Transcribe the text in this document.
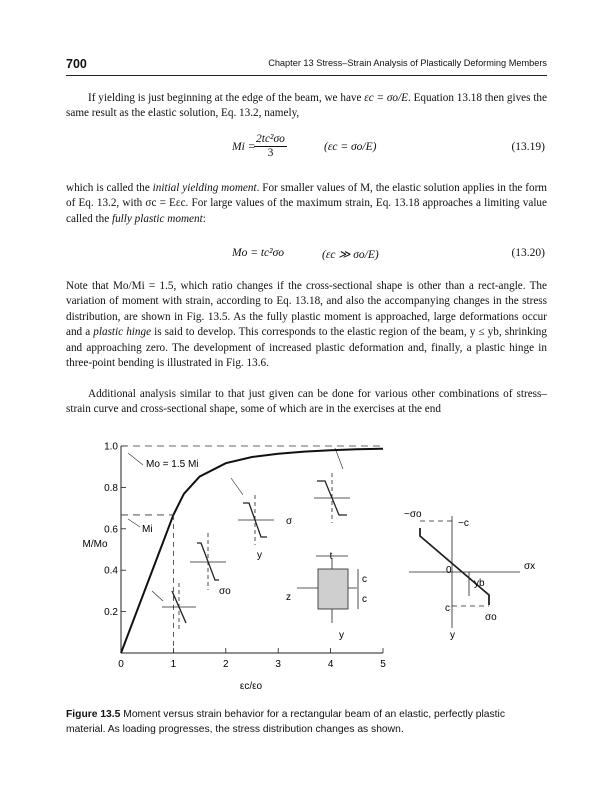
700	Chapter 13 Stress–Strain Analysis of Plastically Deforming Members

If yielding is just beginning at the edge of the beam, we have εc = σo/E. Equation 13.18 then gives the same result as the elastic solution, Eq. 13.2, namely,

Mi =
$\frac{\text{2tc²σo}}{3}$	(εc = σo/E)	(13.19)

which is called the initial yielding moment. For smaller values of M, the elastic solution applies in the form of Eq. 13.2, with σc = Eεc. For large values of the maximum strain, Eq. 13.18 approaches a limiting value called the fully plastic moment:

Mo = tc²σo	(εc ≫ σo/E)	(13.20)

Note that Mo/Mi = 1.5, which ratio changes if the cross-sectional shape is other than a rect-angle. The variation of moment with strain, according to Eq. 13.18, and also the accompanying changes in the stress distribution, are shown in Fig. 13.5. As the fully plastic moment is approached, large deformations occur and a plastic hinge is said to develop. This corresponds to the elastic region of the beam, y ≤ yb, shrinking and approaching zero. The development of increased plastic deformation and, finally, a plastic hinge in three-point bending is illustrated in Fig. 13.6.

Additional analysis similar to that just given can be done for various other combinations of stress–strain curve and cross-sectional shape, some of which are in the exercises at the end

0	1	2	3	4	5
0.2
0.4
0.6
0.8
1.0
Mo = 1.5 Mi
Mi
M/Mo
εc/εo
σ
y
σo
z
t
c
c
y
−σo
−c
0	σx
yb
c
σo
y

Figure 13.5 Moment versus strain behavior for a rectangular beam of an elastic, perfectly plastic material. As loading progresses, the stress distribution changes as shown.
